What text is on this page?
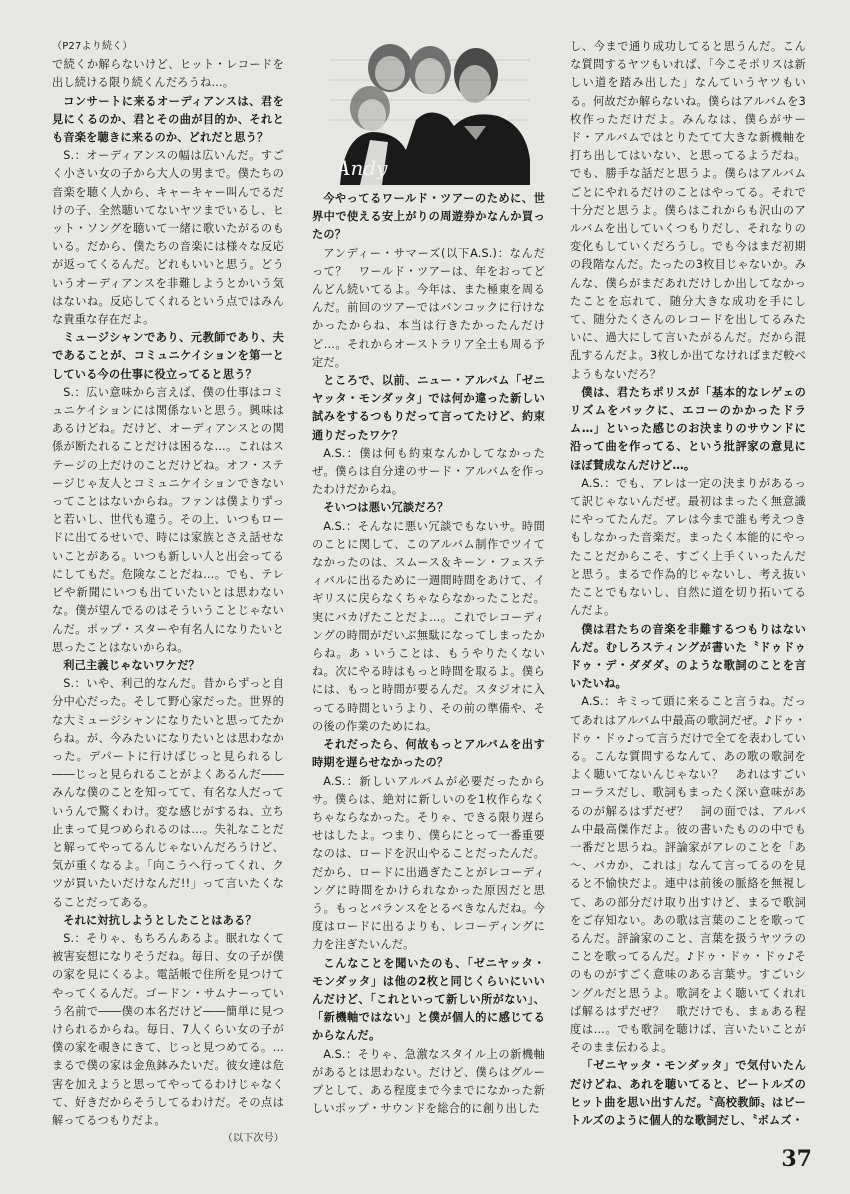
（P27より続く）

で続くか解らないけど、ヒット・レコードを出し続ける限り続くんだろうね…。

コンサートに来るオーディアンスは、君を見にくるのか、君とその曲が目的か、それとも音楽を聴きに来るのか、どれだと思う？

S.：オーディアンスの幅は広いんだ。すごく小さい女の子から大人の男まで。僕たちの音楽を聴く人から、キャーキャー叫んでるだけの子、全然聴いてないヤツまでいるし、ヒット・ソングを聴いて一緒に歌いたがるのもいる。だから、僕たちの音楽には様々な反応が返ってくるんだ。どれもいいと思う。どういうオーディアンスを非難しようとかいう気はないね。反応してくれるという点ではみんな貴重な存在だよ。

ミュージシャンであり、元教師であり、夫であることが、コミュニケイションを第一としている今の仕事に役立ってると思う？

S.：広い意味から言えば、僕の仕事はコミュニケイションには関係ないと思う。興味はあるけどね。だけど、オーディアンスとの関係が断たれることだけは困るな…。これはステージの上だけのことだけどね。オフ・ステージじゃ友人とコミュニケイションできないってことはないからね。ファンは僕よりずっと若いし、世代も違う。その上、いつもロードに出てるせいで、時には家族とさえ話せないことがある。いつも新しい人と出会ってるにしてもだ。危険なことだね…。でも、テレビや新聞にいつも出ていたいとは思わないな。僕が望んでるのはそういうことじゃないんだ。ポップ・スターや有名人になりたいと思ったことはないからね。

利己主義じゃないワケだ？

S.：いや、利己的なんだ。昔からずっと自分中心だった。そして野心家だった。世界的な大ミュージシャンになりたいと思ってたからね。が、今みたいになりたいとは思わなかった。デパートに行けばじっと見られるし――じっと見られることがよくあるんだ――みんな僕のことを知ってて、有名な人だっていうんで驚くわけ。変な感じがするね、立ち止まって見つめられるのは…。失礼なことだと解ってやってるんじゃないんだろうけど、気が重くなるよ。「向こうへ行ってくれ、クツが買いたいだけなんだ!!」って言いたくなることだってある。

それに対抗しようとしたことはある？

S.：そりゃ、もちろんあるよ。眠れなくて被害妄想になりそうだね。毎日、女の子が僕の家を見にくるよ。電話帳で住所を見つけてやってくるんだ。ゴードン・サムナーっていう名前で――僕の本名だけど――簡単に見つけられるからね。毎日、7人くらい女の子が僕の家を覗きにきて、じっと見つめてる。…まるで僕の家は金魚鉢みたいだ。彼女達は危害を加えようと思ってやってるわけじゃなくて、好きだからそうしてるわけだ。その点は解ってるつもりだよ。

（以下次号）

Andy

今やってるワールド・ツアーのために、世界中で使える安上がりの周遊券かなんか買ったの？

アンディー・サマーズ(以下A.S.)：なんだって？　ワールド・ツアーは、年をおってどんどん続いてるよ。今年は、また極東を周るんだ。前回のツアーではバンコックに行けなかったからね、本当は行きたかったんだけど…。それからオーストラリア全土も周る予定だ。

ところで、以前、ニュー・アルバム「ゼニヤッタ・モンダッタ」では何か違った新しい試みをするつもりだって言ってたけど、約束通りだったワケ？

A.S.：僕は何も約束なんかしてなかったぜ。僕らは自分達のサード・アルバムを作ったわけだからね。

そいつは悪い冗談だろ？

A.S.：そんなに悪い冗談でもないサ。時間のことに関して、このアルバム制作でツイてなかったのは、スムース＆キーン・フェスティバルに出るために一週間時間をあけて、イギリスに戻らなくちゃならなかったことだ。実にバカげたことだよ…。これでレコーディングの時間がだいぶ無駄になってしまったからね。あゝいうことは、もうやりたくないね。次にやる時はもっと時間を取るよ。僕らには、もっと時間が要るんだ。スタジオに入ってる時間というより、その前の準備や、その後の作業のためにね。

それだったら、何故もっとアルバムを出す時期を遅らせなかったの？

A.S.：新しいアルバムが必要だったからサ。僕らは、絶対に新しいのを1枚作らなくちゃならなかった。そりゃ、できる限り遅らせはしたよ。つまり、僕らにとって一番重要なのは、ロードを沢山やることだったんだ。だから、ロードに出過ぎたことがレコーディングに時間をかけられなかった原因だと思う。もっとバランスをとるべきなんだね。今度はロードに出るよりも、レコーディングに力を注ぎたいんだ。

こんなことを聞いたのも、「ゼニヤッタ・モンダッタ」は他の2枚と同じくらいにいいんだけど、「これといって新しい所がない」、「新機軸ではない」と僕が個人的に感じてるからなんだ。

A.S.：そりゃ、急激なスタイル上の新機軸があるとは思わない。だけど、僕らはグループとして、ある程度まで今までになかった新しいポップ・サウンドを総合的に創り出した

し、今まで通り成功してると思うんだ。こんな質問するヤツもいれば、「今こそポリスは新しい道を踏み出した」なんていうヤツもいる。何故だか解らないね。僕らはアルバムを3枚作っただけだよ。みんなは、僕らがサード・アルバムではとりたてて大きな新機軸を打ち出してはいない、と思ってるようだね。でも、勝手な話だと思うよ。僕らはアルバムごとにやれるだけのことはやってる。それで十分だと思うよ。僕らはこれからも沢山のアルバムを出していくつもりだし、それなりの変化もしていくだろうし。でも今はまだ初期の段階なんだ。たったの3枚目じゃないか。みんな、僕らがまだあれだけしか出してなかったことを忘れて、随分大きな成功を手にして、随分たくさんのレコードを出してるみたいに、過大にして言いたがるんだ。だから混乱するんだよ。3枚しか出てなければまだ較べようもないだろ？

僕は、君たちポリスが「基本的なレゲェのリズムをバックに、エコーのかかったドラム…」といった感じのお決まりのサウンドに沿って曲を作ってる、という批評家の意見にほぼ賛成なんだけど…。

A.S.：でも、アレは一定の決まりがあるって訳じゃないんだぜ。最初はまったく無意識にやってたんだ。アレは今まで誰も考えつきもしなかった音楽だ。まったく本能的にやったことだからこそ、すごく上手くいったんだと思う。まるで作為的じゃないし、考え抜いたことでもないし、自然に道を切り拓いてるんだよ。

僕は君たちの音楽を非難するつもりはないんだ。むしろスティングが書いた〝ドゥドゥドゥ・デ・ダダダ〟のような歌詞のことを言いたいね。

A.S.：キミって頭に来ること言うね。だってあれはアルバム中最高の歌詞だぜ。♪ドゥ・ドゥ・ドゥ♪って言うだけで全てを表わしている。こんな質問するなんて、あの歌の歌詞をよく聴いてないんじゃない？　あれはすごいコーラスだし、歌詞もまったく深い意味があるのが解るはずだぜ？　詞の面では、アルバム中最高傑作だよ。彼の書いたものの中でも一番だと思うね。評論家がアレのことを「あ～、バカか、これは」なんて言ってるのを見ると不愉快だよ。連中は前後の脈絡を無視して、あの部分だけ取り出すけど、まるで歌詞をご存知ない。あの歌は言葉のことを歌ってるんだ。評論家のこと、言葉を扱うヤツラのことを歌ってるんだ。♪ドゥ・ドゥ・ドゥ♪そのものがすごく意味のある言葉サ。すごいシングルだと思うよ。歌詞をよく聴いてくれれば解るはずだぜ？　歌だけでも、まぁある程度は…。でも歌詞を聴けば、言いたいことがそのまま伝わるよ。

「ゼニヤッタ・モンダッタ」で気付いたんだけどね、あれを聴いてると、ビートルズのヒット曲を思い出すんだ。〝高校教師〟はビートルズのように個人的な歌詞だし、〝ボムズ・

37
